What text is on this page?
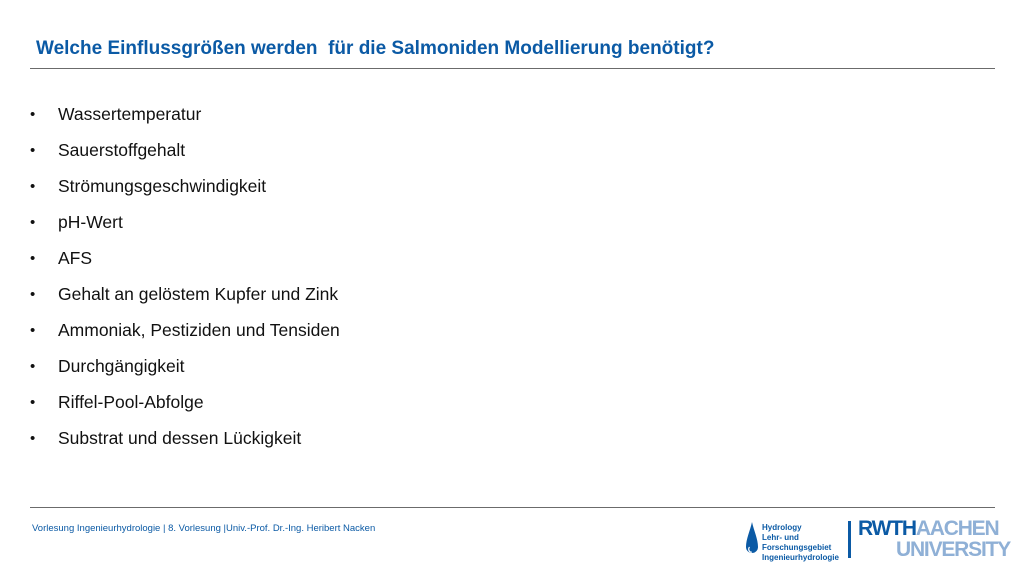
Welche Einflussgrößen werden  für die Salmoniden Modellierung benötigt?
•	Wassertemperatur
•	Sauerstoffgehalt
•	Strömungsgeschwindigkeit
•	pH-Wert
•	AFS
•	Gehalt an gelöstem Kupfer und Zink
•	Ammoniak, Pestiziden und Tensiden
•	Durchgängigkeit
•	Riffel-Pool-Abfolge
•	Substrat und dessen Lückigkeit
Vorlesung Ingenieurhydrologie | 8. Vorlesung |Univ.-Prof. Dr.-Ing. Heribert Nacken	Hydrology
Lehr- und
Forschungsgebiet
Ingenieurhydrologie
RWTHAACHEN
UNIVERSITY
